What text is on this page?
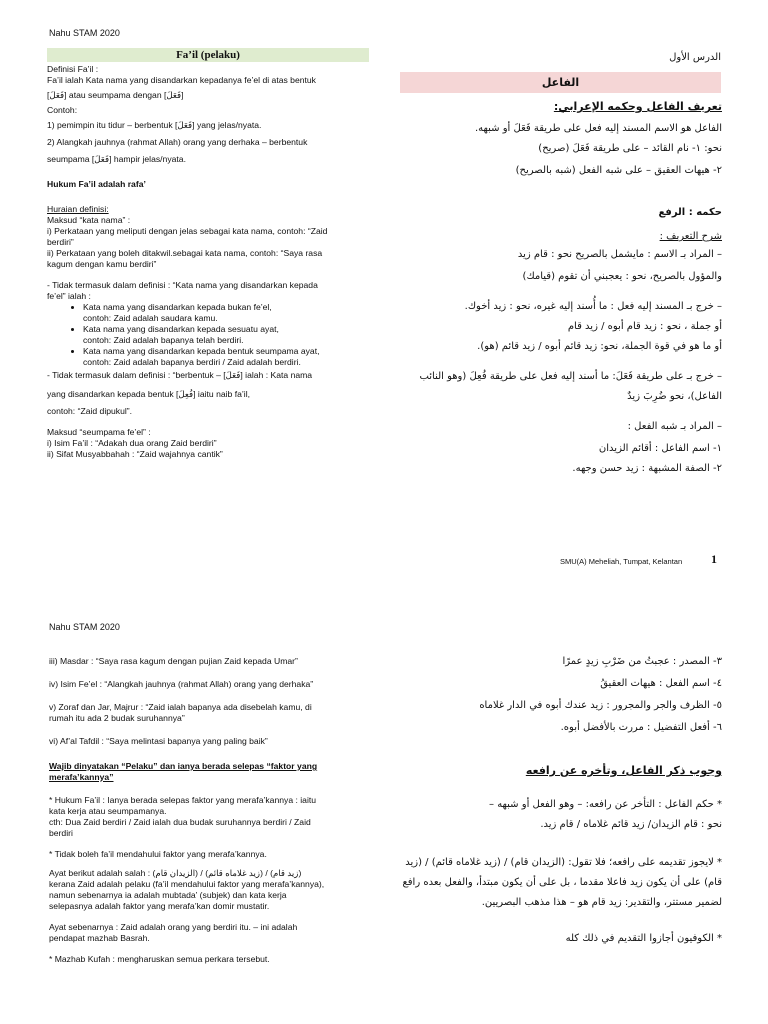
Nahu STAM 2020
Fa’il (pelaku)

Definisi Fa’il :

Fa’il ialah Kata nama yang disandarkan kepadanya fe’el di atas bentuk

[فَعَلَ] atau seumpama dengan [فَعَلَ]

Contoh:

1) pemimpin itu tidur – berbentuk [فَعَلَ] yang jelas/nyata.

2) Alangkah jauhnya (rahmat Allah) orang yang derhaka – berbentuk

seumpama [فَعَلَ] hampir jelas/nyata.

Hukum Fa’il adalah rafa’

Huraian definisi:

Maksud “kata nama” :

i) Perkataan yang meliputi dengan jelas sebagai kata nama, contoh: “Zaid

berdiri”

ii) Perkataan yang boleh ditakwil.sebagai kata nama, contoh: “Saya rasa

kagum dengan kamu berdiri”

- Tidak termasuk dalam definisi : “Kata nama yang disandarkan kepada

fe’el” ialah :

• Kata nama yang disandarkan kepada bukan fe’el,
contoh: Zaid adalah saudara kamu.
• Kata nama yang disandarkan kepada sesuatu ayat,
contoh: Zaid adalah bapanya telah berdiri.
• Kata nama yang disandarkan kepada bentuk seumpama ayat,
contoh: Zaid adalah bapanya berdiri / Zaid adalah berdiri.

- Tidak termasuk dalam definisi : “berbentuk – [فَعَلَ] ialah : Kata nama

yang disandarkan kepada bentuk [فُعِلَ] iaitu naib fa’il,

contoh: “Zaid dipukul”.

Maksud “seumpama fe’el” :

i) Isim Fa’il : “Adakah dua orang Zaid berdiri”

ii) Sifat Musyabbahah : “Zaid wajahnya cantik”

الدرس الأول
الفاعل

تعريف الفاعل وحكمه الإعرابي:

الفاعل هو الاسم المسند إليه فعل على طريقة فَعَلَ أو شبهه.

نحو: ١- نام القائد – على طريقة فَعَلَ (صريح)

٢- هيهات العقيق – على شبه الفعل (شبه بالصريح)

حكمه : الرفع

شرح التعريف :

– المراد بـ الاسم : مايشمل بالصريح نحو : قام زيد

والمؤول بالصريح، نحو : يعجبني أن تقوم (قيامك)

– خرج بـ المسند إليه فعل : ما أُسند إليه غيره، نحو : زيد أخوك.

أو جملة ، نحو : زيد قام أبوه / زيد قام

أو ما هو في قوة الجملة، نحو: زيد قائم أبوه / زيد قائم (هو).

– خرج بـ على طريقة فَعَلَ: ما أسند إليه فعل على طريقة فُعِلَ (وهو النائب

الفاعل)، نحو ضُرِبَ زيدٌ

– المراد بـ شبه الفعل :

١- اسم الفاعل : أقائم الزيدان

٢- الصفة المشبهة : زيد حسن وجهه.

SMU(A) Meheliah, Tumpat, Kelantan 1
Nahu STAM 2020

iii) Masdar : “Saya rasa kagum dengan pujian Zaid kepada Umar”

iv) Isim Fe’el : “Alangkah jauhnya (rahmat Allah) orang yang derhaka”

v) Zoraf dan Jar, Majrur : “Zaid ialah bapanya ada disebelah kamu, di

rumah itu ada 2 budak suruhannya”

vi) Af’al Tafdil : “Saya melintasi bapanya yang paling baik”

Wajib dinyatakan “Pelaku” dan ianya berada selepas “faktor yang

merafa’kannya”

* Hukum Fa’il : Ianya berada selepas faktor yang merafa’kannya : iaitu

kata kerja atau seumpamanya.

cth: Dua Zaid berdiri / Zaid ialah dua budak suruhannya berdiri / Zaid

berdiri

* Tidak boleh fa’il mendahului faktor yang merafa’kannya.

Ayat berikut adalah salah : (الزيدان قام) / (زيد غلاماه قائم) / (زيد قام)

kerana Zaid adalah pelaku (fa’il mendahului faktor yang merafa’kannya),

namun sebenarnya ia adalah mubtada’ (subjek) dan kata kerja

selepasnya adalah faktor yang merafa’kan domir mustatir.

Ayat sebenarnya : Zaid adalah orang yang berdiri itu. – ini adalah

pendapat mazhab Basrah.

* Mazhab Kufah : mengharuskan semua perkara tersebut.

٣- المصدر : عجبتُ من ضَرْبِ زيدٍ عمرًا

٤- اسم الفعل : هيهات العقيقُ

٥- الظرف والجر والمجرور : زيد عندك أبوه في الدار غلاماه

٦- أفعل التفضيل : مررت بالأفضل أبوه.

وجوب ذكر الفاعل، وتأخره عن رافعه

* حكم الفاعل : التأخر عن رافعه: – وهو الفعل أو شبهه –

نحو : قام الزيدان/ زيد قائم غلاماه / قام زيد.

* لايجوز تقديمه على رافعه؛ فلا تقول: (الزيدان قام) / (زيد غلاماه قائم) / (زيد

قام) على أن يكون زيد فاعلا مقدما ، بل على أن يكون مبتدأ، والفعل بعده رافع

لضمير مستتر، والتقدير: زيد قام هو – هذا مذهب البصريين.

* الكوفيون أجازوا التقديم في ذلك كله
